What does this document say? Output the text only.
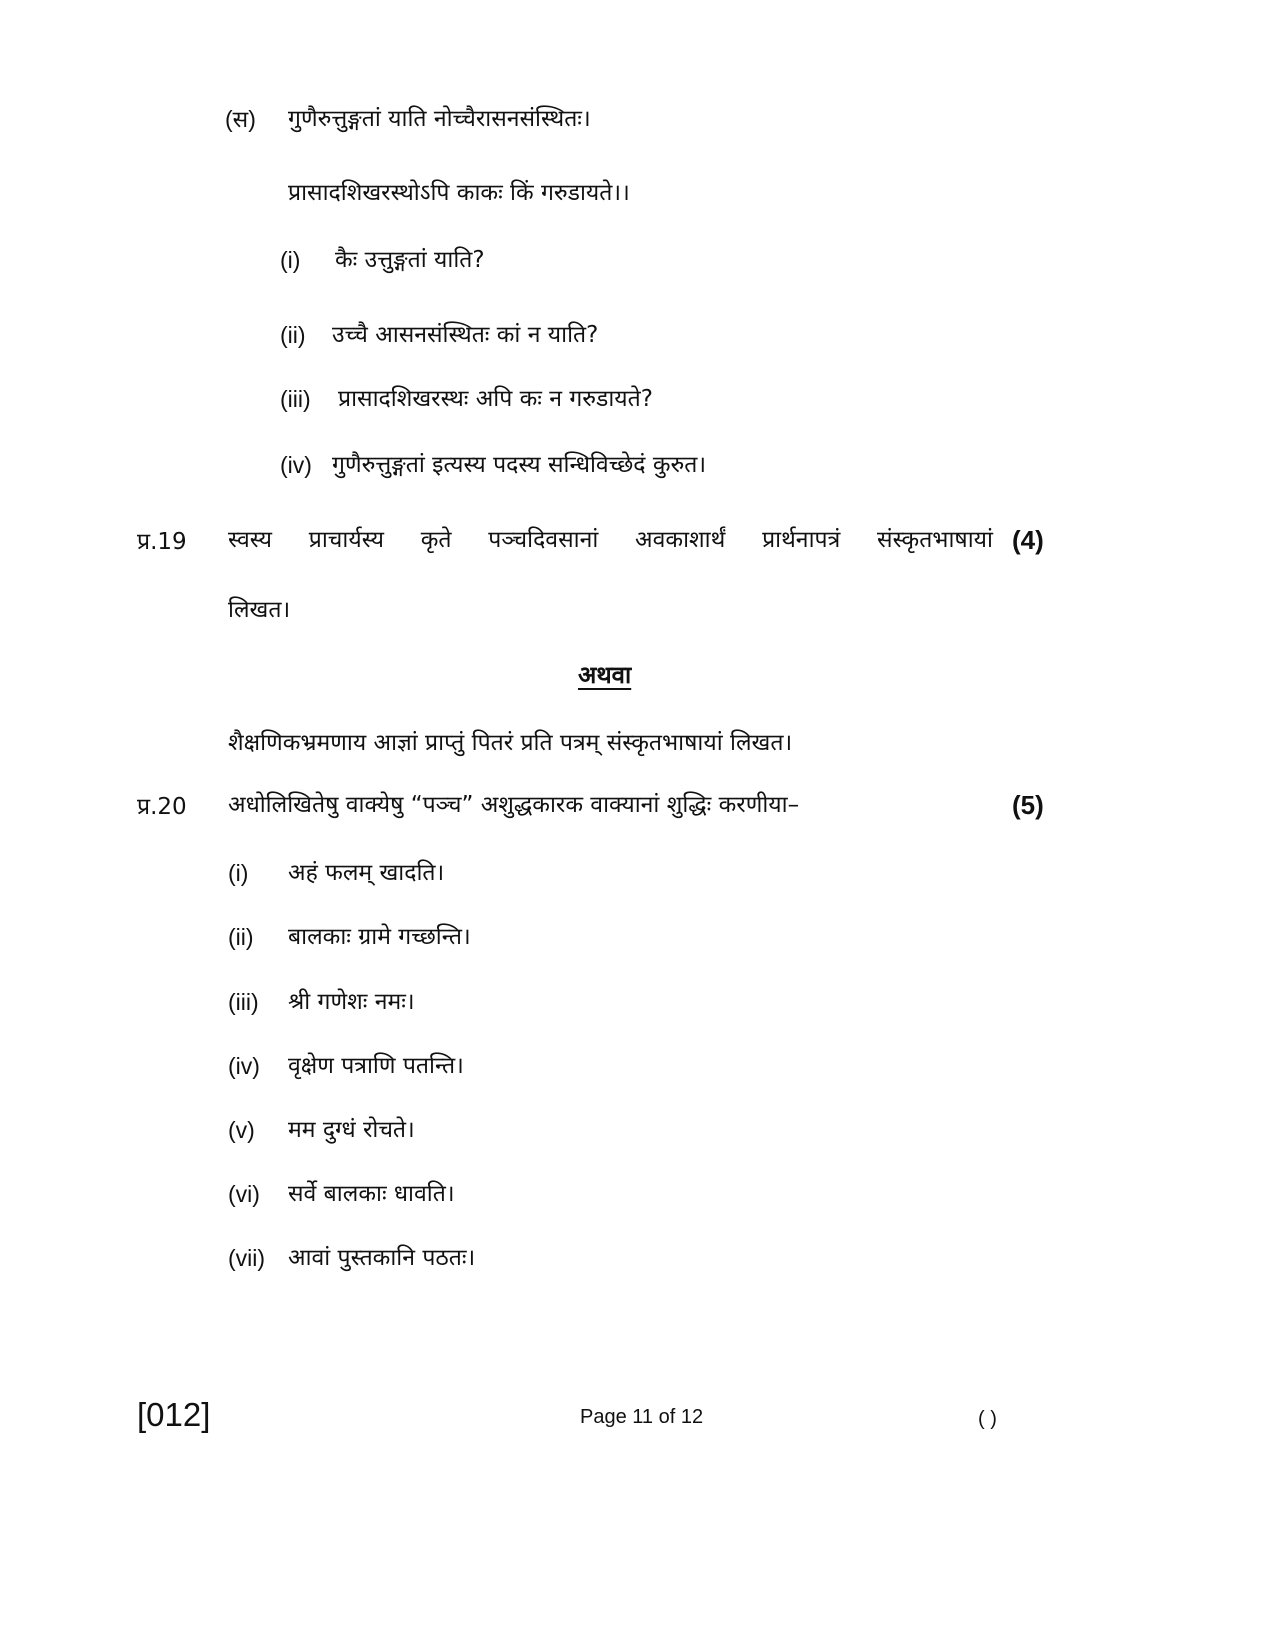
(स) गुणैरुत्तुङ्गतां याति नोच्चैरासनसंस्थितः।
प्रासादशिखरस्थोऽपि काकः किं गरुडायते।।
(i) कैः उत्तुङ्गतां याति?
(ii) उच्चै आसनसंस्थितः कां न याति?
(iii) प्रासादशिखरस्थः अपि कः न गरुडायते?
(iv) गुणैरुत्तुङ्गतां इत्यस्य पदस्य सन्धिविच्छेदं कुरुत।
प्र.19 स्वस्य प्राचार्यस्य कृते पञ्चदिवसानां अवकाशार्थं प्रार्थनापत्रं संस्कृतभाषायां (4)
लिखत।
अथवा
शैक्षणिकभ्रमणाय आज्ञां प्राप्तुं पितरं प्रति पत्रम् संस्कृतभाषायां लिखत।
प्र.20 अधोलिखितेषु वाक्येषु “पञ्च” अशुद्धकारक वाक्यानां शुद्धिः करणीया–	(5)
(i) अहं फलम् खादति।
(ii) बालकाः ग्रामे गच्छन्ति।
(iii) श्री गणेशः नमः।
(iv) वृक्षेण पत्राणि पतन्ति।
(v) मम दुग्धं रोचते।
(vi) सर्वे बालकाः धावति।
(vii) आवां पुस्तकानि पठतः।
[012]	Page 11 of 12	( )
